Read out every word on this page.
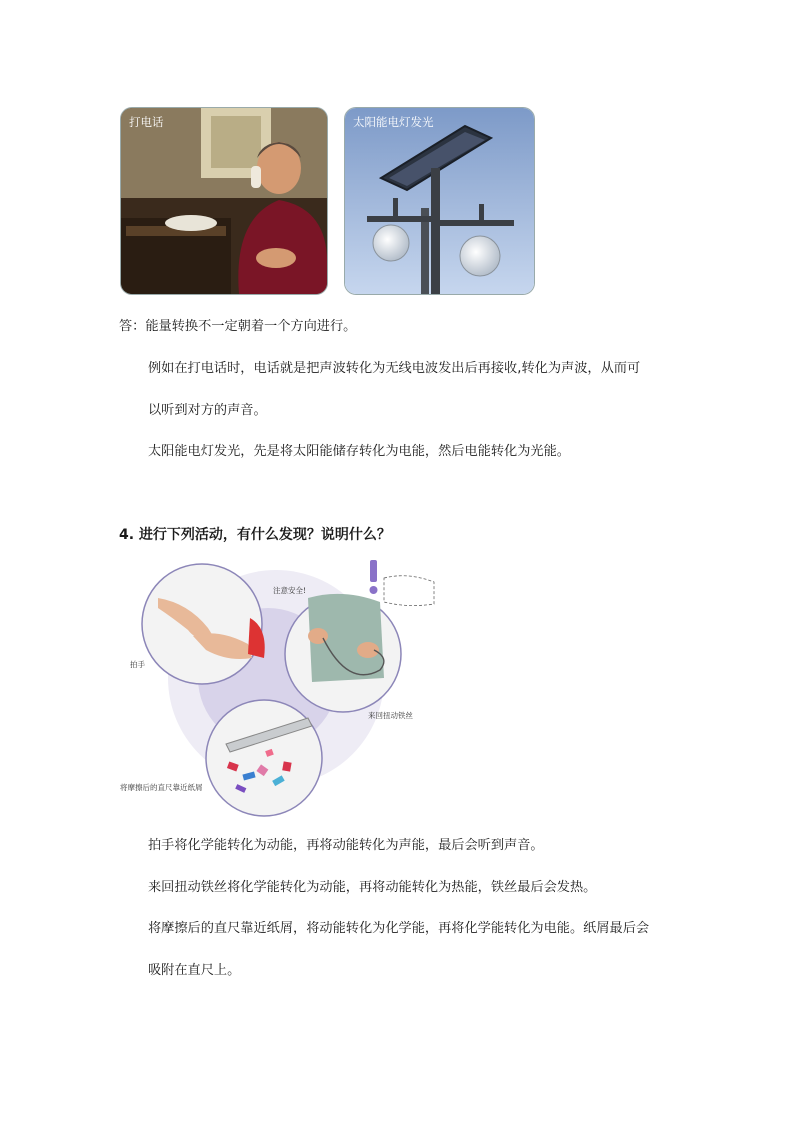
打电话	太阳能电灯发光
答：能量转换不一定朝着一个方向进行。
例如在打电话时，电话就是把声波转化为无线电波发出后再接收,转化为声波，从而可
以听到对方的声音。
太阳能电灯发光，先是将太阳能储存转化为电能，然后电能转化为光能。
4. 进行下列活动，有什么发现？说明什么？
注意安全!
拍手
来回扭动铁丝
将摩擦后的直尺靠近纸屑
拍手将化学能转化为动能，再将动能转化为声能，最后会听到声音。
来回扭动铁丝将化学能转化为动能，再将动能转化为热能，铁丝最后会发热。
将摩擦后的直尺靠近纸屑，将动能转化为化学能，再将化学能转化为电能。纸屑最后会
吸附在直尺上。
